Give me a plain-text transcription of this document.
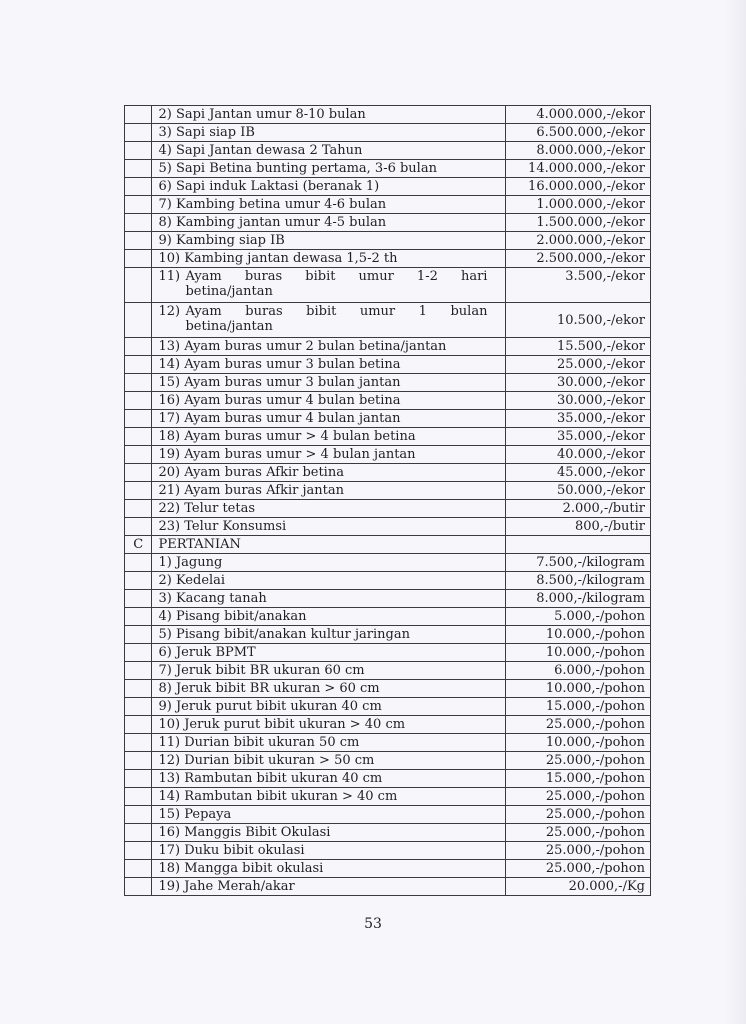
	2) Sapi Jantan umur 8-10 bulan	4.000.000,-/ekor
	3) Sapi siap IB	6.500.000,-/ekor
	4) Sapi Jantan dewasa 2 Tahun	8.000.000,-/ekor
	5) Sapi Betina bunting pertama, 3-6 bulan	14.000.000,-/ekor
	6) Sapi induk Laktasi (beranak 1)	16.000.000,-/ekor
	7) Kambing betina umur 4-6 bulan	1.000.000,-/ekor
	8) Kambing jantan umur 4-5 bulan	1.500.000,-/ekor
	9) Kambing siap IB	2.000.000,-/ekor
	10) Kambing jantan dewasa 1,5-2 th	2.500.000,-/ekor
	11) Ayam buras bibit umur 1-2 hari
betina/jantan	3.500,-/ekor
	12) Ayam buras bibit umur 1 bulan
betina/jantan	10.500,-/ekor
	13) Ayam buras umur 2 bulan betina/jantan	15.500,-/ekor
	14) Ayam buras umur 3 bulan betina	25.000,-/ekor
	15) Ayam buras umur 3 bulan jantan	30.000,-/ekor
	16) Ayam buras umur 4 bulan betina	30.000,-/ekor
	17) Ayam buras umur 4 bulan jantan	35.000,-/ekor
	18) Ayam buras umur > 4 bulan betina	35.000,-/ekor
	19) Ayam buras umur > 4 bulan jantan	40.000,-/ekor
	20) Ayam buras Afkir betina	45.000,-/ekor
	21) Ayam buras Afkir jantan	50.000,-/ekor
	22) Telur tetas	2.000,-/butir
	23) Telur Konsumsi	800,-/butir
C	PERTANIAN	
	1) Jagung	7.500,-/kilogram
	2) Kedelai	8.500,-/kilogram
	3) Kacang tanah	8.000,-/kilogram
	4) Pisang bibit/anakan	5.000,-/pohon
	5) Pisang bibit/anakan kultur jaringan	10.000,-/pohon
	6) Jeruk BPMT	10.000,-/pohon
	7) Jeruk bibit BR ukuran 60 cm	6.000,-/pohon
	8) Jeruk bibit BR ukuran > 60 cm	10.000,-/pohon
	9) Jeruk purut bibit ukuran 40 cm	15.000,-/pohon
	10) Jeruk purut bibit ukuran > 40 cm	25.000,-/pohon
	11) Durian bibit ukuran 50 cm	10.000,-/pohon
	12) Durian bibit ukuran > 50 cm	25.000,-/pohon
	13) Rambutan bibit ukuran 40 cm	15.000,-/pohon
	14) Rambutan bibit ukuran > 40 cm	25.000,-/pohon
	15) Pepaya	25.000,-/pohon
	16) Manggis Bibit Okulasi	25.000,-/pohon
	17) Duku bibit okulasi	25.000,-/pohon
	18) Mangga bibit okulasi	25.000,-/pohon
	19) Jahe Merah/akar	20.000,-/Kg
53
